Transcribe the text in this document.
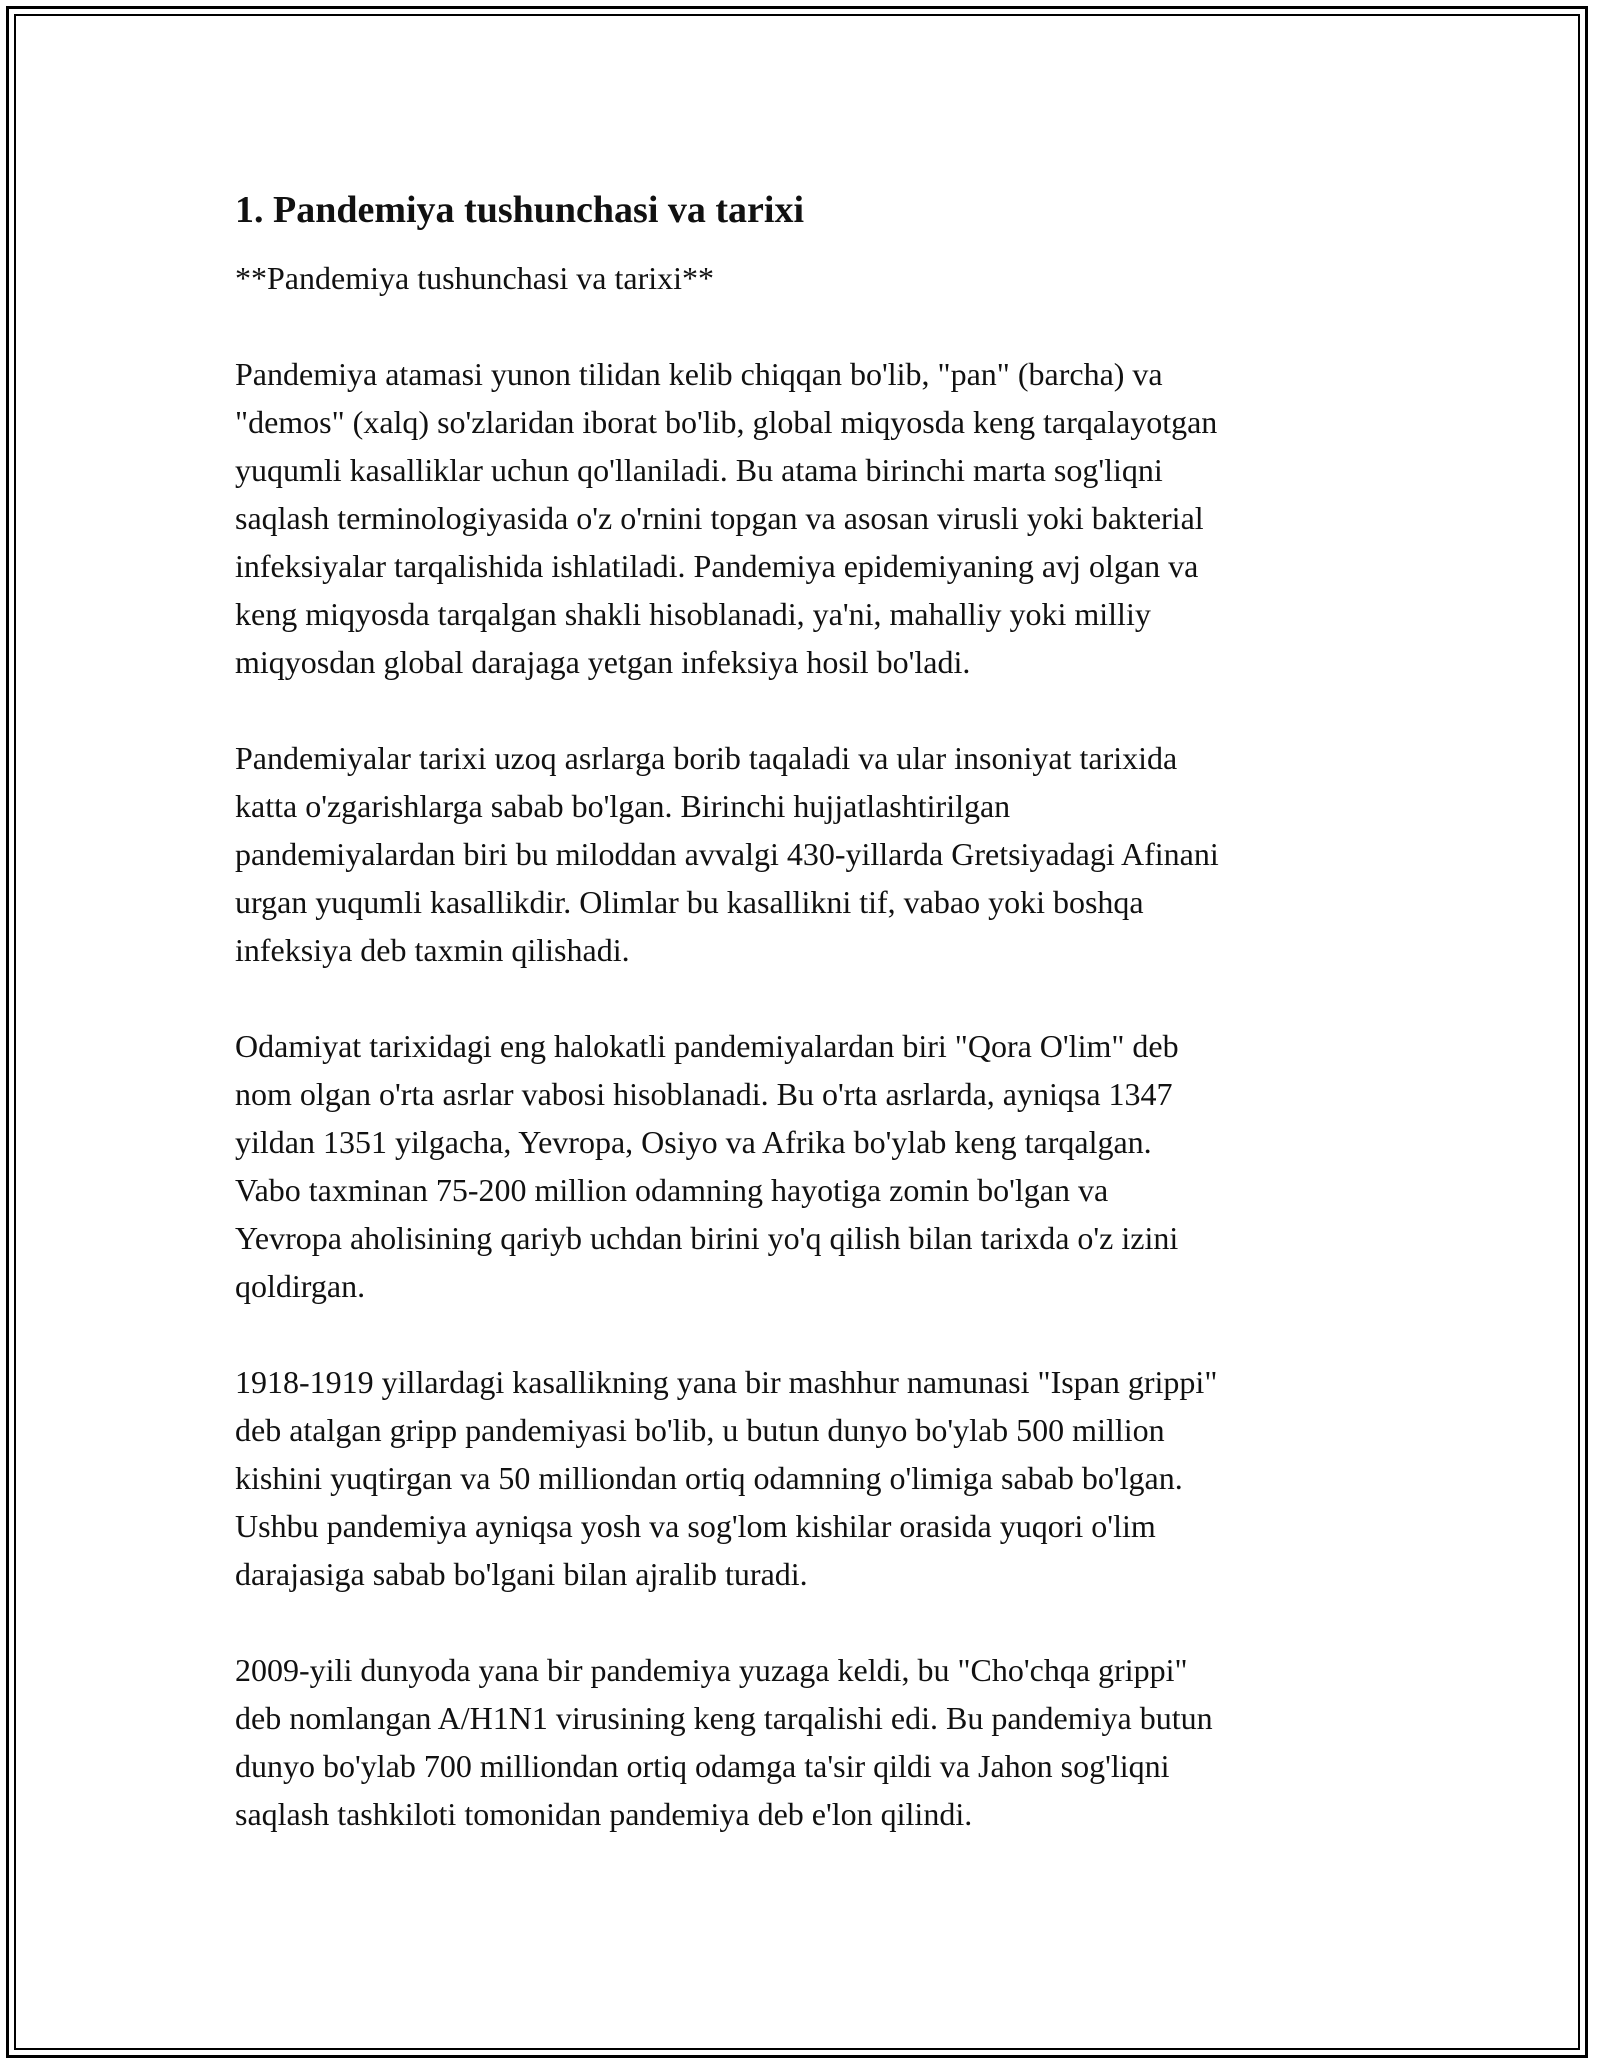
1. Pandemiya tushunchasi va tarixi

**Pandemiya tushunchasi va tarixi**

Pandemiya atamasi yunon tilidan kelib chiqqan bo'lib, "pan" (barcha) va
"demos" (xalq) so'zlaridan iborat bo'lib, global miqyosda keng tarqalayotgan
yuqumli kasalliklar uchun qo'llaniladi. Bu atama birinchi marta sog'liqni
saqlash terminologiyasida o'z o'rnini topgan va asosan virusli yoki bakterial
infeksiyalar tarqalishida ishlatiladi. Pandemiya epidemiyaning avj olgan va
keng miqyosda tarqalgan shakli hisoblanadi, ya'ni, mahalliy yoki milliy
miqyosdan global darajaga yetgan infeksiya hosil bo'ladi.

Pandemiyalar tarixi uzoq asrlarga borib taqaladi va ular insoniyat tarixida
katta o'zgarishlarga sabab bo'lgan. Birinchi hujjatlashtirilgan
pandemiyalardan biri bu miloddan avvalgi 430-yillarda Gretsiyadagi Afinani
urgan yuqumli kasallikdir. Olimlar bu kasallikni tif, vabao yoki boshqa
infeksiya deb taxmin qilishadi.

Odamiyat tarixidagi eng halokatli pandemiyalardan biri "Qora O'lim" deb
nom olgan o'rta asrlar vabosi hisoblanadi. Bu o'rta asrlarda, ayniqsa 1347
yildan 1351 yilgacha, Yevropa, Osiyo va Afrika bo'ylab keng tarqalgan.
Vabo taxminan 75-200 million odamning hayotiga zomin bo'lgan va
Yevropa aholisining qariyb uchdan birini yo'q qilish bilan tarixda o'z izini
qoldirgan.

1918-1919 yillardagi kasallikning yana bir mashhur namunasi "Ispan grippi"
deb atalgan gripp pandemiyasi bo'lib, u butun dunyo bo'ylab 500 million
kishini yuqtirgan va 50 milliondan ortiq odamning o'limiga sabab bo'lgan.
Ushbu pandemiya ayniqsa yosh va sog'lom kishilar orasida yuqori o'lim
darajasiga sabab bo'lgani bilan ajralib turadi.

2009-yili dunyoda yana bir pandemiya yuzaga keldi, bu "Cho'chqa grippi"
deb nomlangan A/H1N1 virusining keng tarqalishi edi. Bu pandemiya butun
dunyo bo'ylab 700 milliondan ortiq odamga ta'sir qildi va Jahon sog'liqni
saqlash tashkiloti tomonidan pandemiya deb e'lon qilindi.
